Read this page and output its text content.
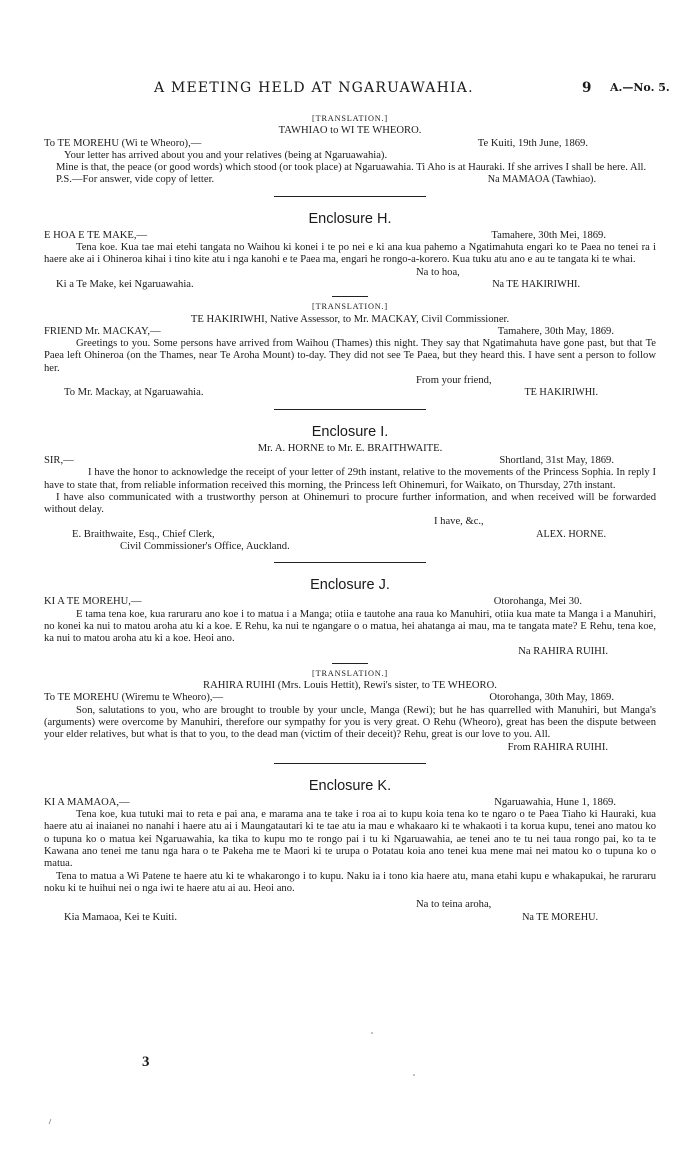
A MEETING HELD AT NGARUAWAHIA.	9 A.—No. 5.
[TRANSLATION.]
TAWHIAO to WI TE WHEORO.
To TE MOREHU (Wi te Wheoro),—	Te Kuiti, 19th June, 1869.
Your letter has arrived about you and your relatives (being at Ngaruawahia).
Mine is that, the peace (or good words) which stood (or took place) at Ngaruawahia. Ti Aho is at Hauraki. If she arrives I shall be here. All.
P.S.—For answer, vide copy of letter.	Na MAMAOA (Tawhiao).
Enclosure H.
E HOA E TE MAKE,—	Tamahere, 30th Mei, 1869.
Tena koe. Kua tae mai etehi tangata no Waihou ki konei i te po nei e ki ana kua pahemo a Ngatimahuta engari ko te Paea no tenei ra i haere ake ai i Ohineroa kihai i tino kite atu i nga kanohi e te Paea ma, engari he rongo-a-korero. Kua tuku atu ano e au te tangata ki te whai.
Na to hoa,
Ki a Te Make, kei Ngaruawahia.	Na TE HAKIRIWHI.
[TRANSLATION.]
TE HAKIRIWHI, Native Assessor, to Mr. MACKAY, Civil Commissioner.
FRIEND Mr. MACKAY,—	Tamahere, 30th May, 1869.
Greetings to you. Some persons have arrived from Waihou (Thames) this night. They say that Ngatimahuta have gone past, but that Te Paea left Ohineroa (on the Thames, near Te Aroha Mount) to-day. They did not see Te Paea, but they heard this. I have sent a person to follow her.
From your friend,
To Mr. Mackay, at Ngaruawahia.	TE HAKIRIWHI.
Enclosure I.
Mr. A. HORNE to Mr. E. BRAITHWAITE.
SIR,—	Shortland, 31st May, 1869.
I have the honor to acknowledge the receipt of your letter of 29th instant, relative to the movements of the Princess Sophia. In reply I have to state that, from reliable information received this morning, the Princess left Ohinemuri, for Waikato, on Thursday, 27th instant.
I have also communicated with a trustworthy person at Ohinemuri to procure further information, and when received will be forwarded without delay.
I have, &c.,
E. Braithwaite, Esq., Chief Clerk,	ALEX. HORNE.
Civil Commissioner's Office, Auckland.
Enclosure J.
KI A TE MOREHU,—	Otorohanga, Mei 30.
E tama tena koe, kua raruraru ano koe i to matua i a Manga; otiia e tautohe ana raua ko Manuhiri, otiia kua mate ta Manga i a Manuhiri, no konei ka nui to matou aroha atu ki a koe. E Rehu, ka nui te ngangare o o matua, hei ahatanga ai mau, ma te tangata mate? E Rehu, tena koe, ka nui to matou aroha atu ki a koe. Heoi ano.
Na RAHIRA RUIHI.
[TRANSLATION.]
RAHIRA RUIHI (Mrs. Louis Hettit), Rewi's sister, to TE WHEORO.
To TE MOREHU (Wiremu te Wheoro),—	Otorohanga, 30th May, 1869.
Son, salutations to you, who are brought to trouble by your uncle, Manga (Rewi); but he has quarrelled with Manuhiri, but Manga's (arguments) were overcome by Manuhiri, therefore our sympathy for you is very great. O Rehu (Wheoro), great has been the dispute between your elder relatives, but what is that to you, to the dead man (victim of their deceit)? Rehu, great is our love to you. All.
From RAHIRA RUIHI.
Enclosure K.
KI A MAMAOA,—	Ngaruawahia, Hune 1, 1869.
Tena koe, kua tutuki mai to reta e pai ana, e marama ana te take i roa ai to kupu koia tena ko te ngaro o te Paea Tiaho ki Hauraki, kua haere atu ai inaianei no nanahi i haere atu ai i Maungatautari ki te tae atu ia mau e whakaaro ki te whakaoti i ta korua kupu, tenei ano matou ko o tupuna ko o matua kei Ngaruawahia, ka tika to kupu mo te rongo pai i tu ki Ngaruawahia, ae tenei ano te tu nei taua rongo pai, ko ta te Kawana ano tenei me tanu nga hara o te Pakeha me te Maori ki te urupa o Potatau koia ano tenei kua mene mai nei matou ko o tupuna ko o matua.
Tena to matua a Wi Patene te haere atu ki te whakarongo i to kupu. Naku ia i tono kia haere atu, mana etahi kupu e whakapukai, he raruraru noku ki te huihui nei o nga iwi te haere atu ai au. Heoi ano.
Na to teina aroha,
Kia Mamaoa, Kei te Kuiti.	Na TE MOREHU.
3
